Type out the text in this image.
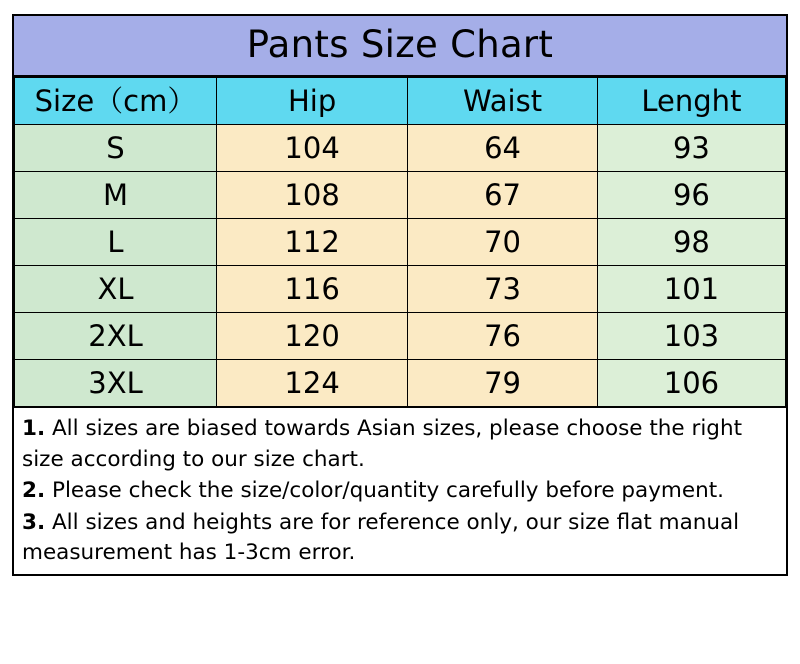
Pants Size Chart
Size（cm）	Hip	Waist	Lenght
S	104	64	93
M	108	67	96
L	112	70	98
XL	116	73	101
2XL	120	76	103
3XL	124	79	106

1. All sizes are biased towards Asian sizes, please choose the right size according to our size chart.

2. Please check the size/color/quantity carefully before payment.

3. All sizes and heights are for reference only, our size flat manual measurement has 1-3cm error.
